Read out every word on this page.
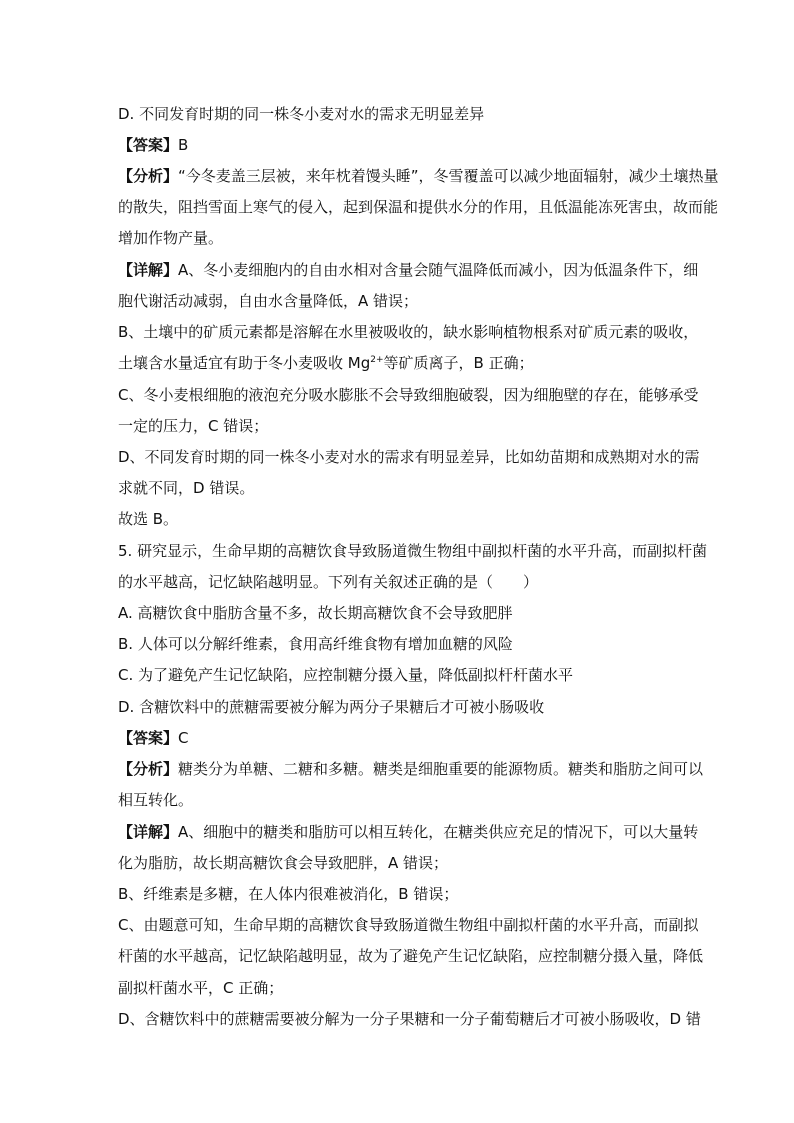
D. 不同发育时期的同一株冬小麦对水的需求无明显差异
【答案】B
【分析】“今冬麦盖三层被，来年枕着馒头睡”，冬雪覆盖可以减少地面辐射，减少土壤热量
的散失，阻挡雪面上寒气的侵入，起到保温和提供水分的作用，且低温能冻死害虫，故而能
增加作物产量。
【详解】A、冬小麦细胞内的自由水相对含量会随气温降低而减小，因为低温条件下，细
胞代谢活动减弱，自由水含量降低，A 错误；
B、土壤中的矿质元素都是溶解在水里被吸收的，缺水影响植物根系对矿质元素的吸收，
土壤含水量适宜有助于冬小麦吸收 $Mg^{2+}$等矿质离子，B 正确；
C、冬小麦根细胞的液泡充分吸水膨胀不会导致细胞破裂，因为细胞壁的存在，能够承受
一定的压力，C 错误；
D、不同发育时期的同一株冬小麦对水的需求有明显差异，比如幼苗期和成熟期对水的需
求就不同，D 错误。
故选 B。
5. 研究显示，生命早期的高糖饮食导致肠道微生物组中副拟杆菌的水平升高，而副拟杆菌
的水平越高，记忆缺陷越明显。下列有关叙述正确的是（　　）
A. 高糖饮食中脂肪含量不多，故长期高糖饮食不会导致肥胖
B. 人体可以分解纤维素，食用高纤维食物有增加血糖的风险
C. 为了避免产生记忆缺陷，应控制糖分摄入量，降低副拟杆杆菌水平
D. 含糖饮料中的蔗糖需要被分解为两分子果糖后才可被小肠吸收
【答案】C
【分析】糖类分为单糖、二糖和多糖。糖类是细胞重要的能源物质。糖类和脂肪之间可以
相互转化。
【详解】A、细胞中的糖类和脂肪可以相互转化，在糖类供应充足的情况下，可以大量转
化为脂肪，故长期高糖饮食会导致肥胖，A 错误；
B、纤维素是多糖，在人体内很难被消化，B 错误；
C、由题意可知，生命早期的高糖饮食导致肠道微生物组中副拟杆菌的水平升高，而副拟
杆菌的水平越高，记忆缺陷越明显，故为了避免产生记忆缺陷，应控制糖分摄入量，降低
副拟杆菌水平，C 正确；
D、含糖饮料中的蔗糖需要被分解为一分子果糖和一分子葡萄糖后才可被小肠吸收，D 错
